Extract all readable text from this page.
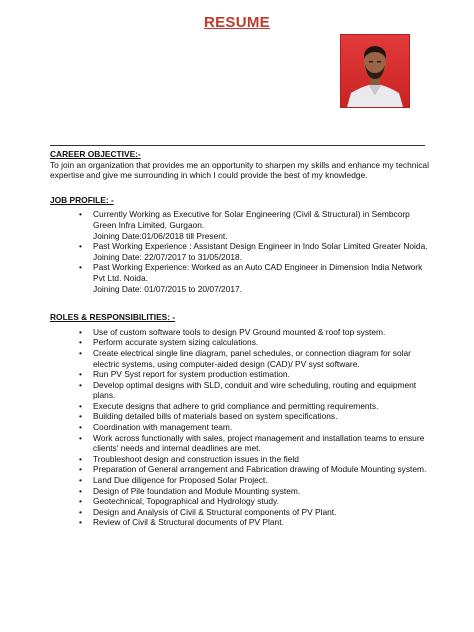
RESUME

CAREER OBJECTIVE:-

To join an organization that provides me an opportunity to sharpen my skills and enhance my technical expertise and give me surrounding in which I could provide the best of my knowledge.

JOB PROFILE: -

• Currently Working as Executive for Solar Engineering (Civil & Structural) in Sembcorp Green Infra Limited, Gurgaon.
Joining Date:01/06/2018 till Present.
• Past Working Experience : Assistant Design Engineer in Indo Solar Limited Greater Noida.
Joining Date: 22/07/2017 to 31/05/2018.
• Past Working Experience: Worked as an Auto CAD Engineer in Dimension India Network Pvt Ltd. Noida.
Joining Date: 01/07/2015 to 20/07/2017.

ROLES & RESPONSIBILITIES: -

• Use of custom software tools to design PV Ground mounted & roof top system.
• Perform accurate system sizing calculations.
• Create electrical single line diagram, panel schedules, or connection diagram for solar electric systems, using computer-aided design (CAD)/ PV syst software.
• Run PV Syst report for system production estimation.
• Develop optimal designs with SLD, conduit and wire scheduling, routing and equipment plans.
• Execute designs that adhere to grid compliance and permitting requirements.
• Building detailed bills of materials based on system specifications.
• Coordination with management team.
• Work across functionally with sales, project management and installation teams to ensure clients' needs and internal deadlines are met.
• Troubleshoot design and construction issues in the field
• Preparation of General arrangement and Fabrication drawing of Module Mounting system.
• Land Due diligence for Proposed Solar Project.
• Design of Pile foundation and Module Mounting system.
• Geotechnical, Topographical and Hydrology study.
• Design and Analysis of Civil & Structural components of PV Plant.
• Review of Civil & Structural documents of PV Plant.
